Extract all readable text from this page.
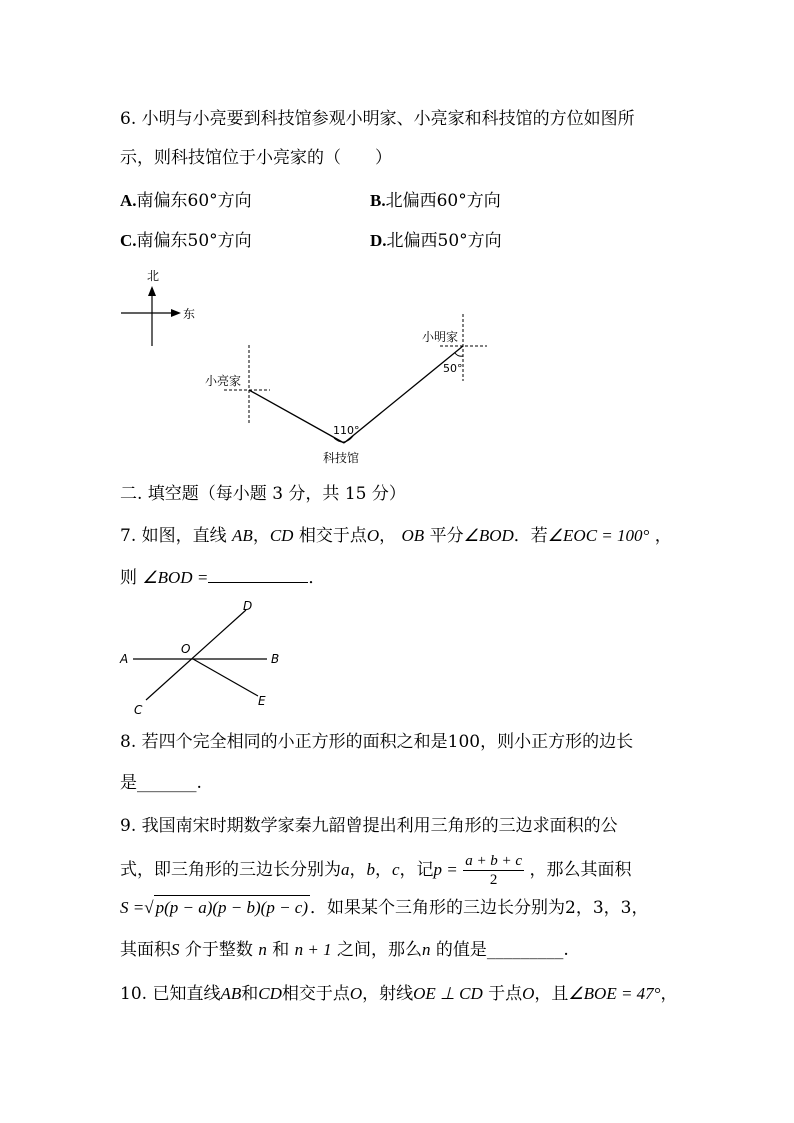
6. 小明与小亮要到科技馆参观小明家、小亮家和科技馆的方位如图所
示，则科技馆位于小亮家的（　　）
A.南偏东60°方向	B.北偏西60°方向
C.南偏东50°方向	D.北偏西50°方向
北
东
小亮家
小明家
110°
50°
科技馆
二. 填空题（每小题 3 分，共 15 分）
7. 如图，直线 AB，CD 相交于点O， OB 平分∠BOD．若∠EOC = 100° ，
则 ∠BOD =	．
A	B
C
D
E
O
8. 若四个完全相同的小正方形的面积之和是100，则小正方形的边长
是_______.
9. 我国南宋时期数学家秦九韶曾提出利用三角形的三边求面积的公
式，即三角形的三边长分别为a，b，c，记$p = \frac{a + b + c}{2}$ ，那么其面积
S =√ p(p − a)(p − b)(p − c) ．如果某个三角形的三边长分别为2，3，3，
其面积S 介于整数 n 和 n + 1 之间，那么n 的值是_________.
10. 已知直线AB和CD相交于点O，射线OE ⊥ CD 于点O，且∠BOE = 47°，
